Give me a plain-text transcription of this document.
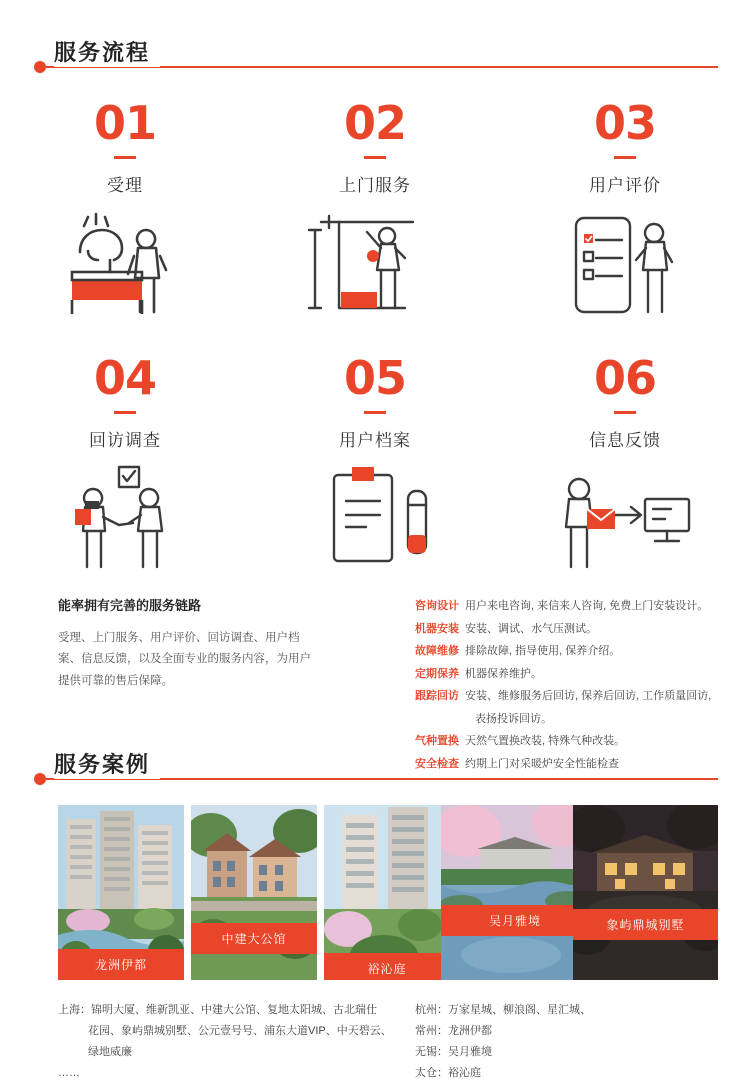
服务流程
01
受理
02
上门服务
03
用户评价
04
回访调查
05
用户档案
06
信息反馈
能率拥有完善的服务链路
受理、上门服务、用户评价、回访调查、用户档案、信息反馈，以及全面专业的服务内容，为用户提供可靠的售后保障。
咨询设计 用户来电咨询, 来信来人咨询, 免费上门安装设计。
机器安装 安装、调试、水气压测试。
故障维修 排除故障, 指导使用, 保养介绍。
定期保养 机器保养维护。
跟踪回访 安装、维修服务后回访, 保养后回访, 工作质量回访,
表扬投诉回访。
气种置换 天然气置换改装, 特殊气种改装。
安全检查 约期上门对采暖炉安全性能检查
服务案例
龙洲伊都
中建大公馆
裕沁庭
吴月雅境	象屿鼎城别墅
上海：锦明大厦、维新凯亚、中建大公馆、复地太阳城、古北瑞仕
花园、象屿鼎城别墅、公元壹号号、浦东大道VIP、中天碧云、
绿地威廉
……
杭州：万家星城、柳浪阁、星汇城、
常州：龙洲伊都
无锡：吴月雅境
太仓：裕沁庭
